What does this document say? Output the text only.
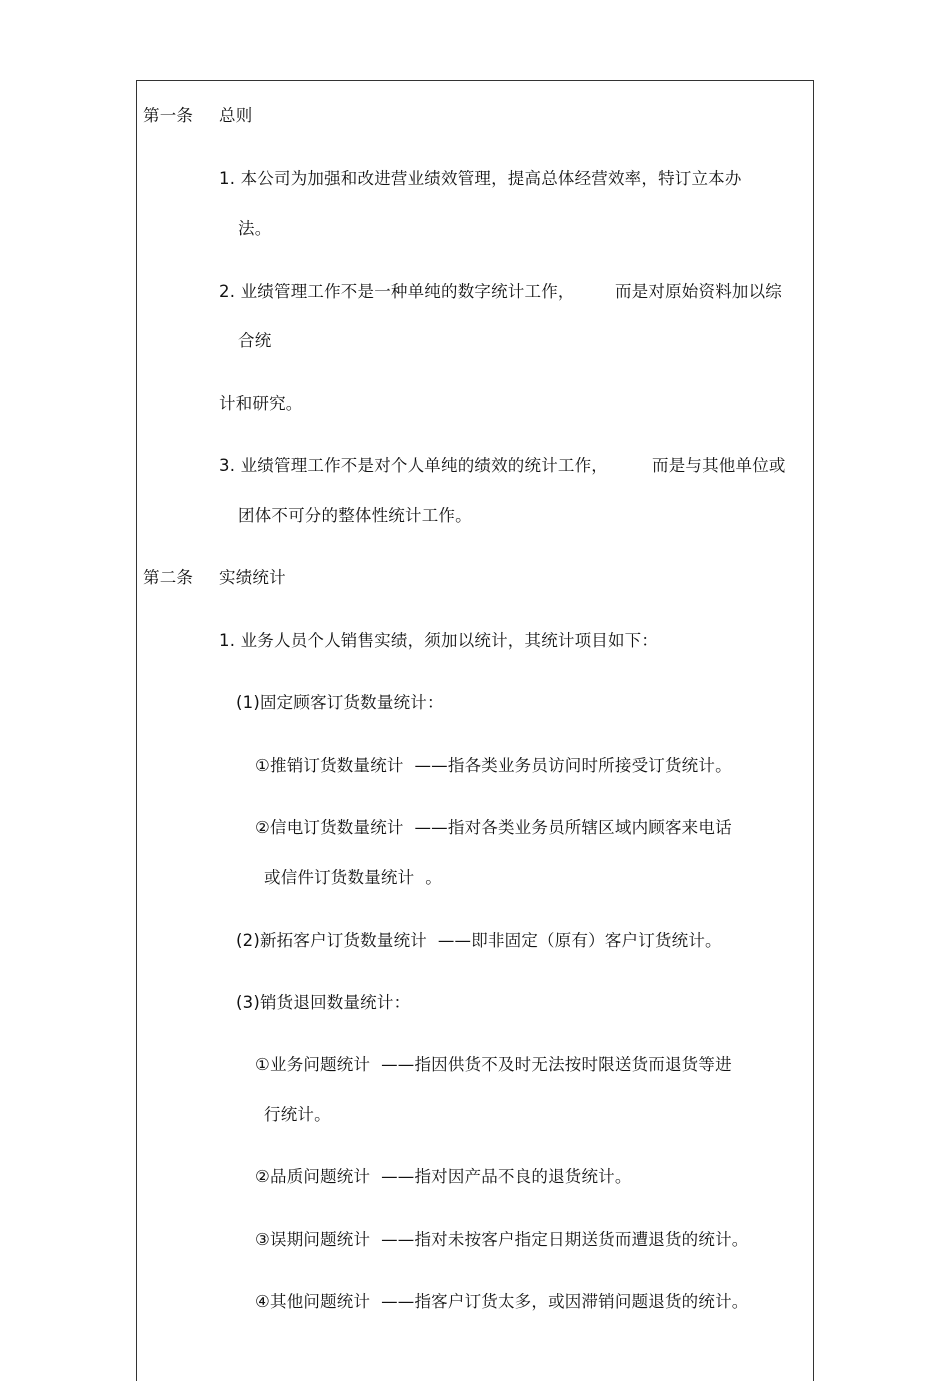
第一条 总则
1. 本公司为加强和改进营业绩效管理，提高总体经营效率，特订立本办
法。
2. 业绩管理工作不是一种单纯的数字统计工作， 而是对原始资料加以综
合统
计和研究。
3. 业绩管理工作不是对个人单纯的绩效的统计工作，	而是与其他单位或
团体不可分的整体性统计工作。
第二条 实绩统计
1. 业务人员个人销售实绩，须加以统计，其统计项目如下：
(1)固定顾客订货数量统计：
①推销订货数量统计  ——指各类业务员访问时所接受订货统计。
②信电订货数量统计  ——指对各类业务员所辖区域内顾客来电话
或信件订货数量统计  。
(2)新拓客户订货数量统计  ——即非固定（原有）客户订货统计。
(3)销货退回数量统计：
①业务问题统计  ——指因供货不及时无法按时限送货而退货等进
行统计。
②品质问题统计  ——指对因产品不良的退货统计。
③误期问题统计  ——指对未按客户指定日期送货而遭退货的统计。
④其他问题统计  ——指客户订货太多，或因滞销问题退货的统计。
